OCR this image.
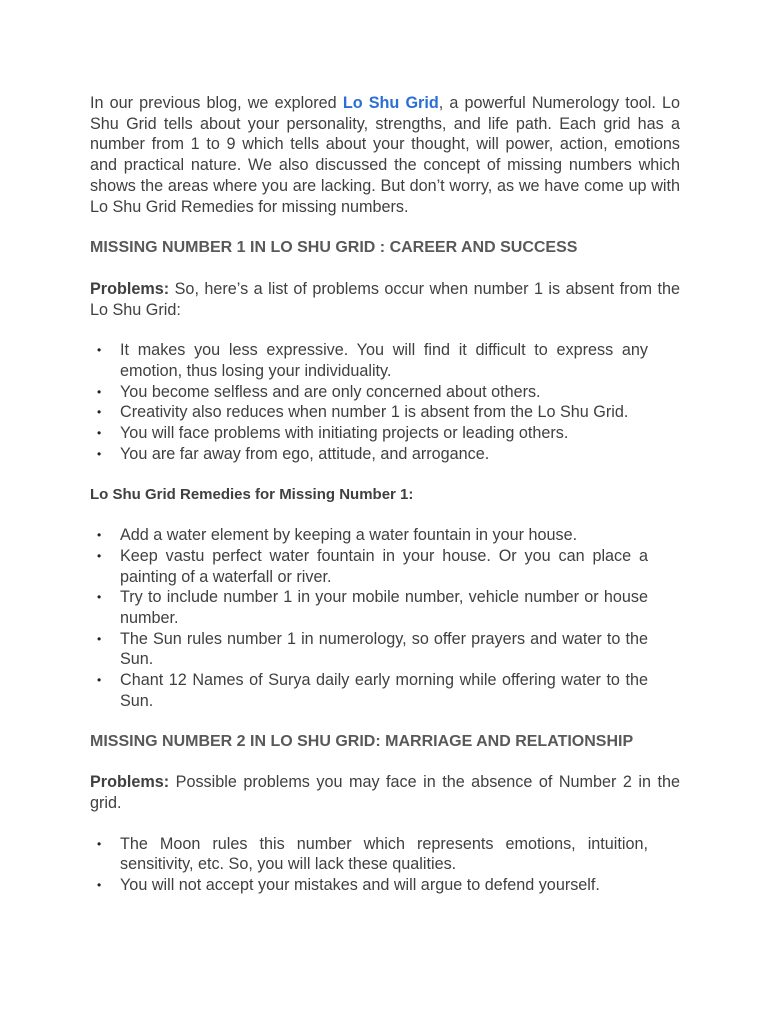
In our previous blog, we explored Lo Shu Grid, a powerful Numerology tool. Lo Shu Grid tells about your personality, strengths, and life path. Each grid has a number from 1 to 9 which tells about your thought, will power, action, emotions and practical nature. We also discussed the concept of missing numbers which shows the areas where you are lacking. But don’t worry, as we have come up with Lo Shu Grid Remedies for missing numbers.

MISSING NUMBER 1 IN LO SHU GRID : CAREER AND SUCCESS

Problems: So, here’s a list of problems occur when number 1 is absent from the Lo Shu Grid:

• It makes you less expressive. You will find it difficult to express any emotion, thus losing your individuality.
• You become selfless and are only concerned about others.
• Creativity also reduces when number 1 is absent from the Lo Shu Grid.
• You will face problems with initiating projects or leading others.
• You are far away from ego, attitude, and arrogance.

Lo Shu Grid Remedies for Missing Number 1:

• Add a water element by keeping a water fountain in your house.
• Keep vastu perfect water fountain in your house. Or you can place a painting of a waterfall or river.
• Try to include number 1 in your mobile number, vehicle number or house number.
• The Sun rules number 1 in numerology, so offer prayers and water to the Sun.
• Chant 12 Names of Surya daily early morning while offering water to the Sun.

MISSING NUMBER 2 IN LO SHU GRID: MARRIAGE AND RELATIONSHIP

Problems: Possible problems you may face in the absence of Number 2 in the grid.

• The Moon rules this number which represents emotions, intuition, sensitivity, etc. So, you will lack these qualities.
• You will not accept your mistakes and will argue to defend yourself.
